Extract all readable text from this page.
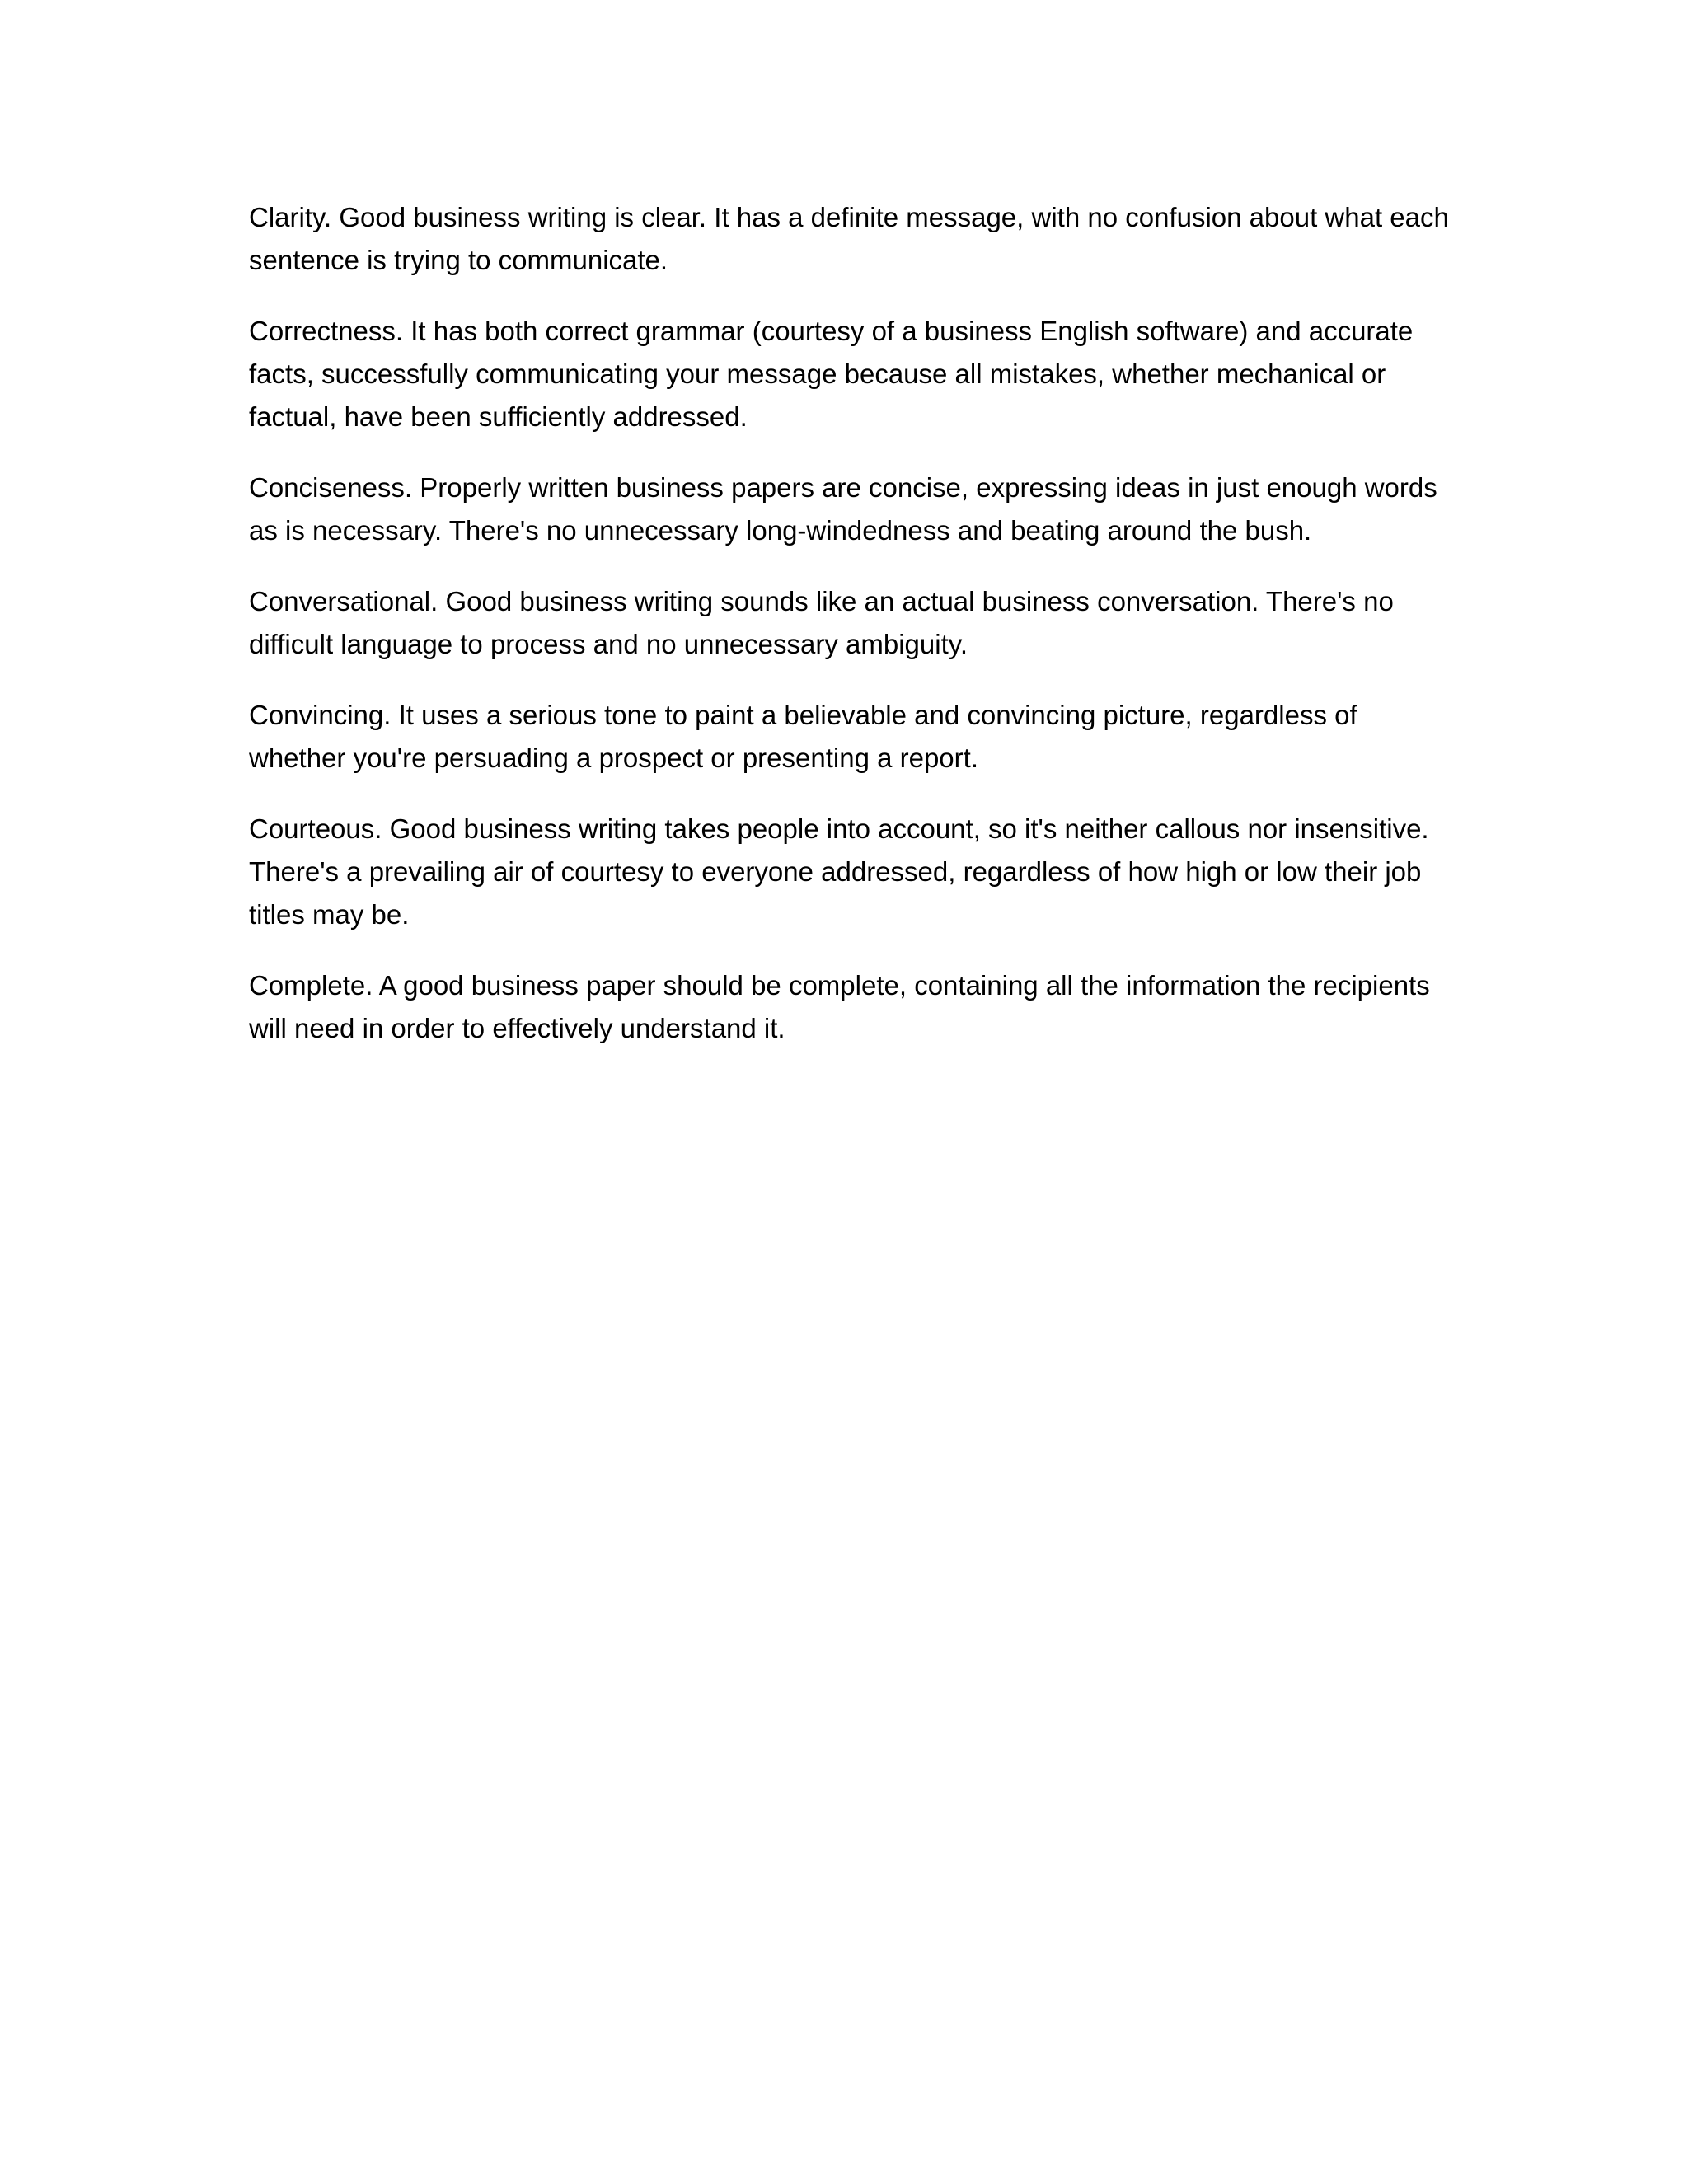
Clarity. Good business writing is clear. It has a definite message, with no confusion about what each sentence is trying to communicate.

Correctness. It has both correct grammar (courtesy of a business English software) and accurate facts, successfully communicating your message because all mistakes, whether mechanical or factual, have been sufficiently addressed.

Conciseness. Properly written business papers are concise, expressing ideas in just enough words as is necessary. There's no unnecessary long-windedness and beating around the bush.

Conversational. Good business writing sounds like an actual business conversation. There's no difficult language to process and no unnecessary ambiguity.

Convincing. It uses a serious tone to paint a believable and convincing picture, regardless of whether you're persuading a prospect or presenting a report.

Courteous. Good business writing takes people into account, so it's neither callous nor insensitive. There's a prevailing air of courtesy to everyone addressed, regardless of how high or low their job titles may be.

Complete. A good business paper should be complete, containing all the information the recipients will need in order to effectively understand it.
